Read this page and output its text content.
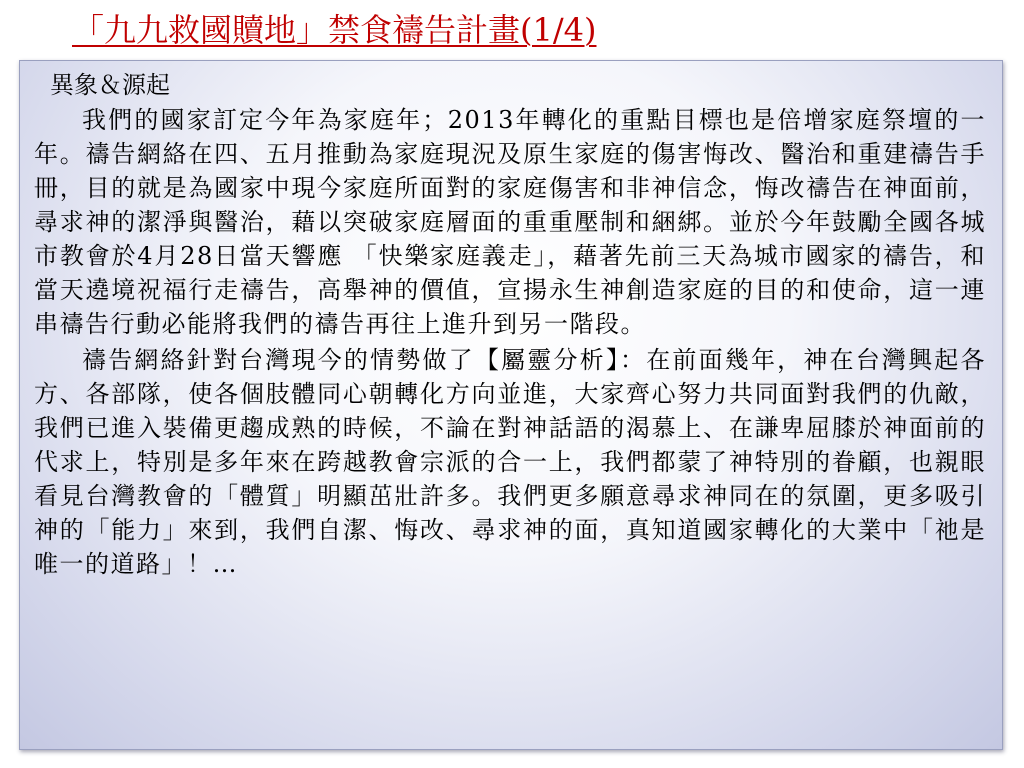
「九九救國贖地」禁食禱告計畫(1/4)
異象＆源起

我們的國家訂定今年為家庭年；2013年轉化的重點目標也是倍增家庭祭壇的一年。禱告網絡在四、五月推動為家庭現況及原生家庭的傷害悔改、醫治和重建禱告手冊，目的就是為國家中現今家庭所面對的家庭傷害和非神信念，悔改禱告在神面前，尋求神的潔淨與醫治，藉以突破家庭層面的重重壓制和綑綁。並於今年鼓勵全國各城市教會於4月28日當天響應 「快樂家庭義走」，藉著先前三天為城市國家的禱告，和當天遶境祝福行走禱告，高舉神的價值，宣揚永生神創造家庭的目的和使命，這一連串禱告行動必能將我們的禱告再往上進升到另一階段。

禱告網絡針對台灣現今的情勢做了【屬靈分析】：在前面幾年，神在台灣興起各方、各部隊，使各個肢體同心朝轉化方向並進，大家齊心努力共同面對我們的仇敵，我們已進入裝備更趨成熟的時候，不論在對神話語的渴慕上、在謙卑屈膝於神面前的代求上，特別是多年來在跨越教會宗派的合一上，我們都蒙了神特別的眷顧，也親眼看見台灣教會的「體質」明顯茁壯許多。我們更多願意尋求神同在的氛圍，更多吸引神的「能力」來到，我們自潔、悔改、尋求神的面，真知道國家轉化的大業中「祂是唯一的道路」！…
